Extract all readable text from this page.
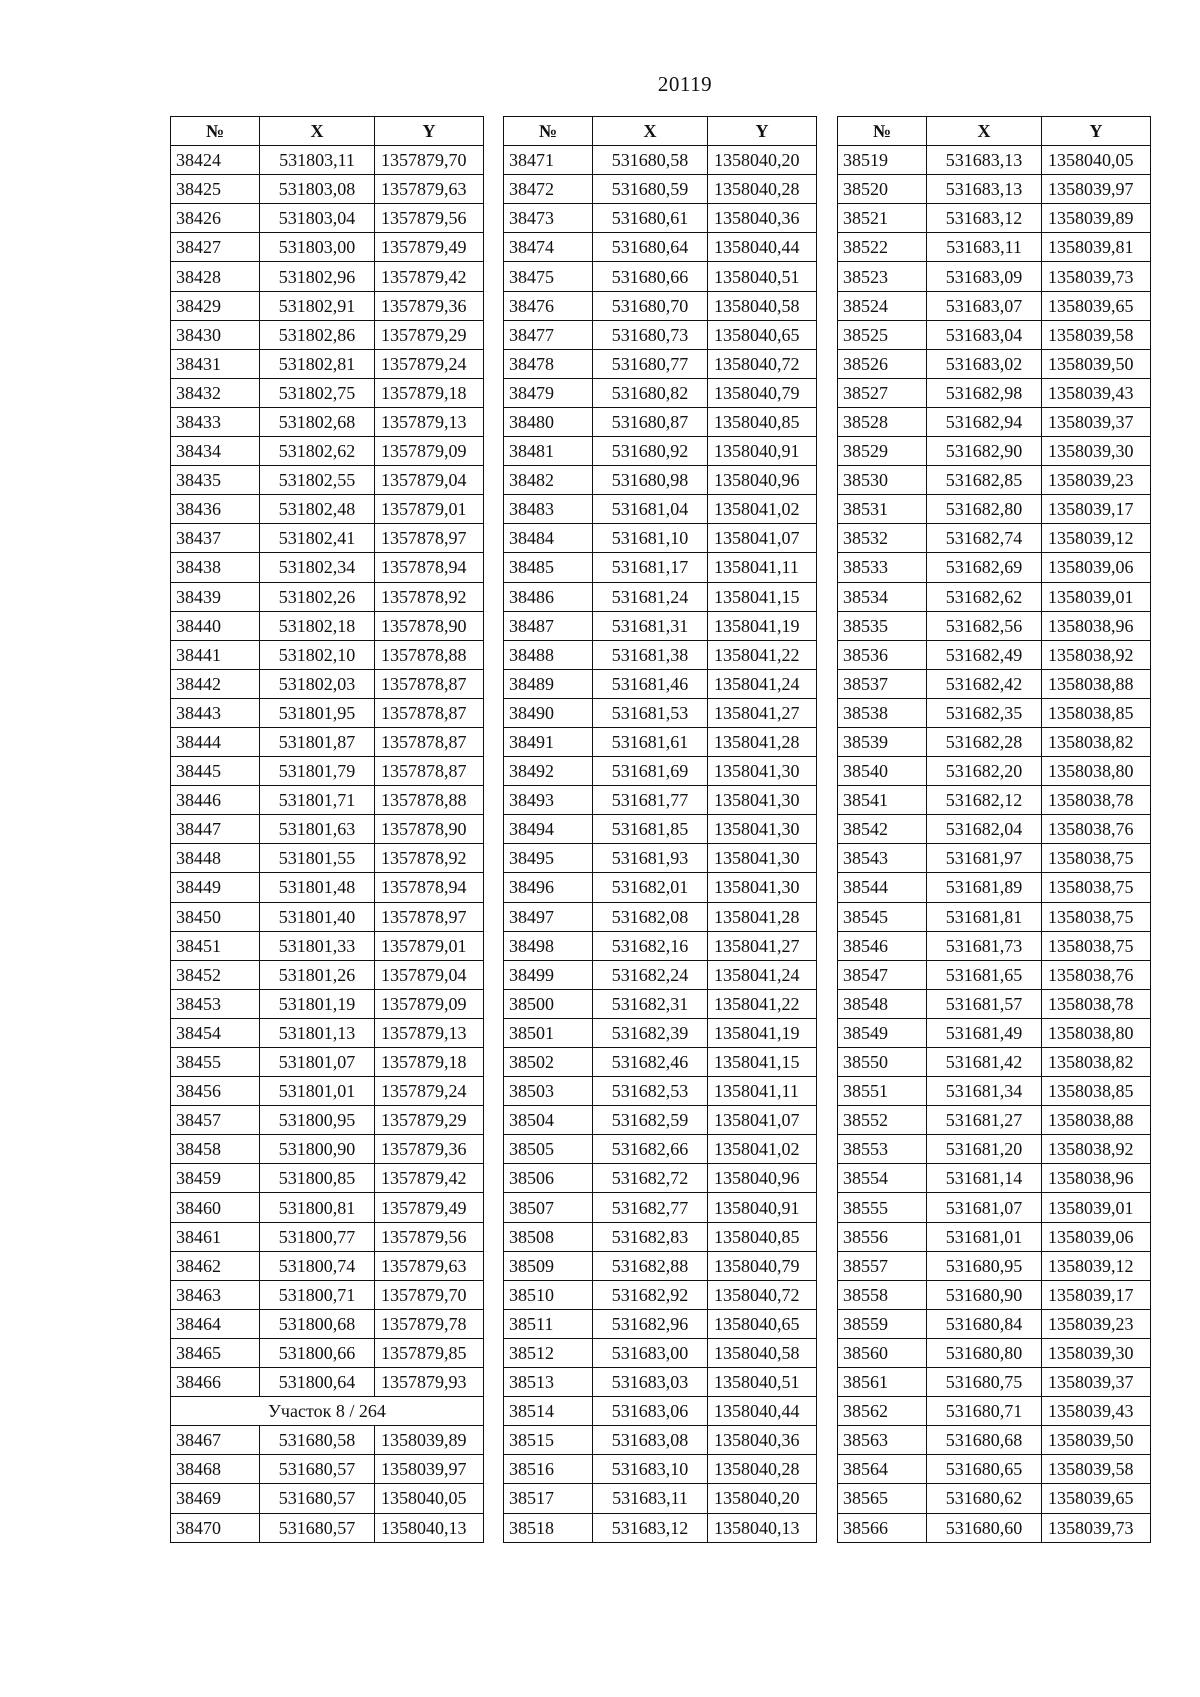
20119
№	X	Y
38424	531803,11	1357879,70
38425	531803,08	1357879,63
38426	531803,04	1357879,56
38427	531803,00	1357879,49
38428	531802,96	1357879,42
38429	531802,91	1357879,36
38430	531802,86	1357879,29
38431	531802,81	1357879,24
38432	531802,75	1357879,18
38433	531802,68	1357879,13
38434	531802,62	1357879,09
38435	531802,55	1357879,04
38436	531802,48	1357879,01
38437	531802,41	1357878,97
38438	531802,34	1357878,94
38439	531802,26	1357878,92
38440	531802,18	1357878,90
38441	531802,10	1357878,88
38442	531802,03	1357878,87
38443	531801,95	1357878,87
38444	531801,87	1357878,87
38445	531801,79	1357878,87
38446	531801,71	1357878,88
38447	531801,63	1357878,90
38448	531801,55	1357878,92
38449	531801,48	1357878,94
38450	531801,40	1357878,97
38451	531801,33	1357879,01
38452	531801,26	1357879,04
38453	531801,19	1357879,09
38454	531801,13	1357879,13
38455	531801,07	1357879,18
38456	531801,01	1357879,24
38457	531800,95	1357879,29
38458	531800,90	1357879,36
38459	531800,85	1357879,42
38460	531800,81	1357879,49
38461	531800,77	1357879,56
38462	531800,74	1357879,63
38463	531800,71	1357879,70
38464	531800,68	1357879,78
38465	531800,66	1357879,85
38466	531800,64	1357879,93
Участок 8 / 264		
38467	531680,58	1358039,89
38468	531680,57	1358039,97
38469	531680,57	1358040,05
38470	531680,57	1358040,13
№	X	Y
38471	531680,58	1358040,20
38472	531680,59	1358040,28
38473	531680,61	1358040,36
38474	531680,64	1358040,44
38475	531680,66	1358040,51
38476	531680,70	1358040,58
38477	531680,73	1358040,65
38478	531680,77	1358040,72
38479	531680,82	1358040,79
38480	531680,87	1358040,85
38481	531680,92	1358040,91
38482	531680,98	1358040,96
38483	531681,04	1358041,02
38484	531681,10	1358041,07
38485	531681,17	1358041,11
38486	531681,24	1358041,15
38487	531681,31	1358041,19
38488	531681,38	1358041,22
38489	531681,46	1358041,24
38490	531681,53	1358041,27
38491	531681,61	1358041,28
38492	531681,69	1358041,30
38493	531681,77	1358041,30
38494	531681,85	1358041,30
38495	531681,93	1358041,30
38496	531682,01	1358041,30
38497	531682,08	1358041,28
38498	531682,16	1358041,27
38499	531682,24	1358041,24
38500	531682,31	1358041,22
38501	531682,39	1358041,19
38502	531682,46	1358041,15
38503	531682,53	1358041,11
38504	531682,59	1358041,07
38505	531682,66	1358041,02
38506	531682,72	1358040,96
38507	531682,77	1358040,91
38508	531682,83	1358040,85
38509	531682,88	1358040,79
38510	531682,92	1358040,72
38511	531682,96	1358040,65
38512	531683,00	1358040,58
38513	531683,03	1358040,51
38514	531683,06	1358040,44
38515	531683,08	1358040,36
38516	531683,10	1358040,28
38517	531683,11	1358040,20
38518	531683,12	1358040,13
№	X	Y
38519	531683,13	1358040,05
38520	531683,13	1358039,97
38521	531683,12	1358039,89
38522	531683,11	1358039,81
38523	531683,09	1358039,73
38524	531683,07	1358039,65
38525	531683,04	1358039,58
38526	531683,02	1358039,50
38527	531682,98	1358039,43
38528	531682,94	1358039,37
38529	531682,90	1358039,30
38530	531682,85	1358039,23
38531	531682,80	1358039,17
38532	531682,74	1358039,12
38533	531682,69	1358039,06
38534	531682,62	1358039,01
38535	531682,56	1358038,96
38536	531682,49	1358038,92
38537	531682,42	1358038,88
38538	531682,35	1358038,85
38539	531682,28	1358038,82
38540	531682,20	1358038,80
38541	531682,12	1358038,78
38542	531682,04	1358038,76
38543	531681,97	1358038,75
38544	531681,89	1358038,75
38545	531681,81	1358038,75
38546	531681,73	1358038,75
38547	531681,65	1358038,76
38548	531681,57	1358038,78
38549	531681,49	1358038,80
38550	531681,42	1358038,82
38551	531681,34	1358038,85
38552	531681,27	1358038,88
38553	531681,20	1358038,92
38554	531681,14	1358038,96
38555	531681,07	1358039,01
38556	531681,01	1358039,06
38557	531680,95	1358039,12
38558	531680,90	1358039,17
38559	531680,84	1358039,23
38560	531680,80	1358039,30
38561	531680,75	1358039,37
38562	531680,71	1358039,43
38563	531680,68	1358039,50
38564	531680,65	1358039,58
38565	531680,62	1358039,65
38566	531680,60	1358039,73
